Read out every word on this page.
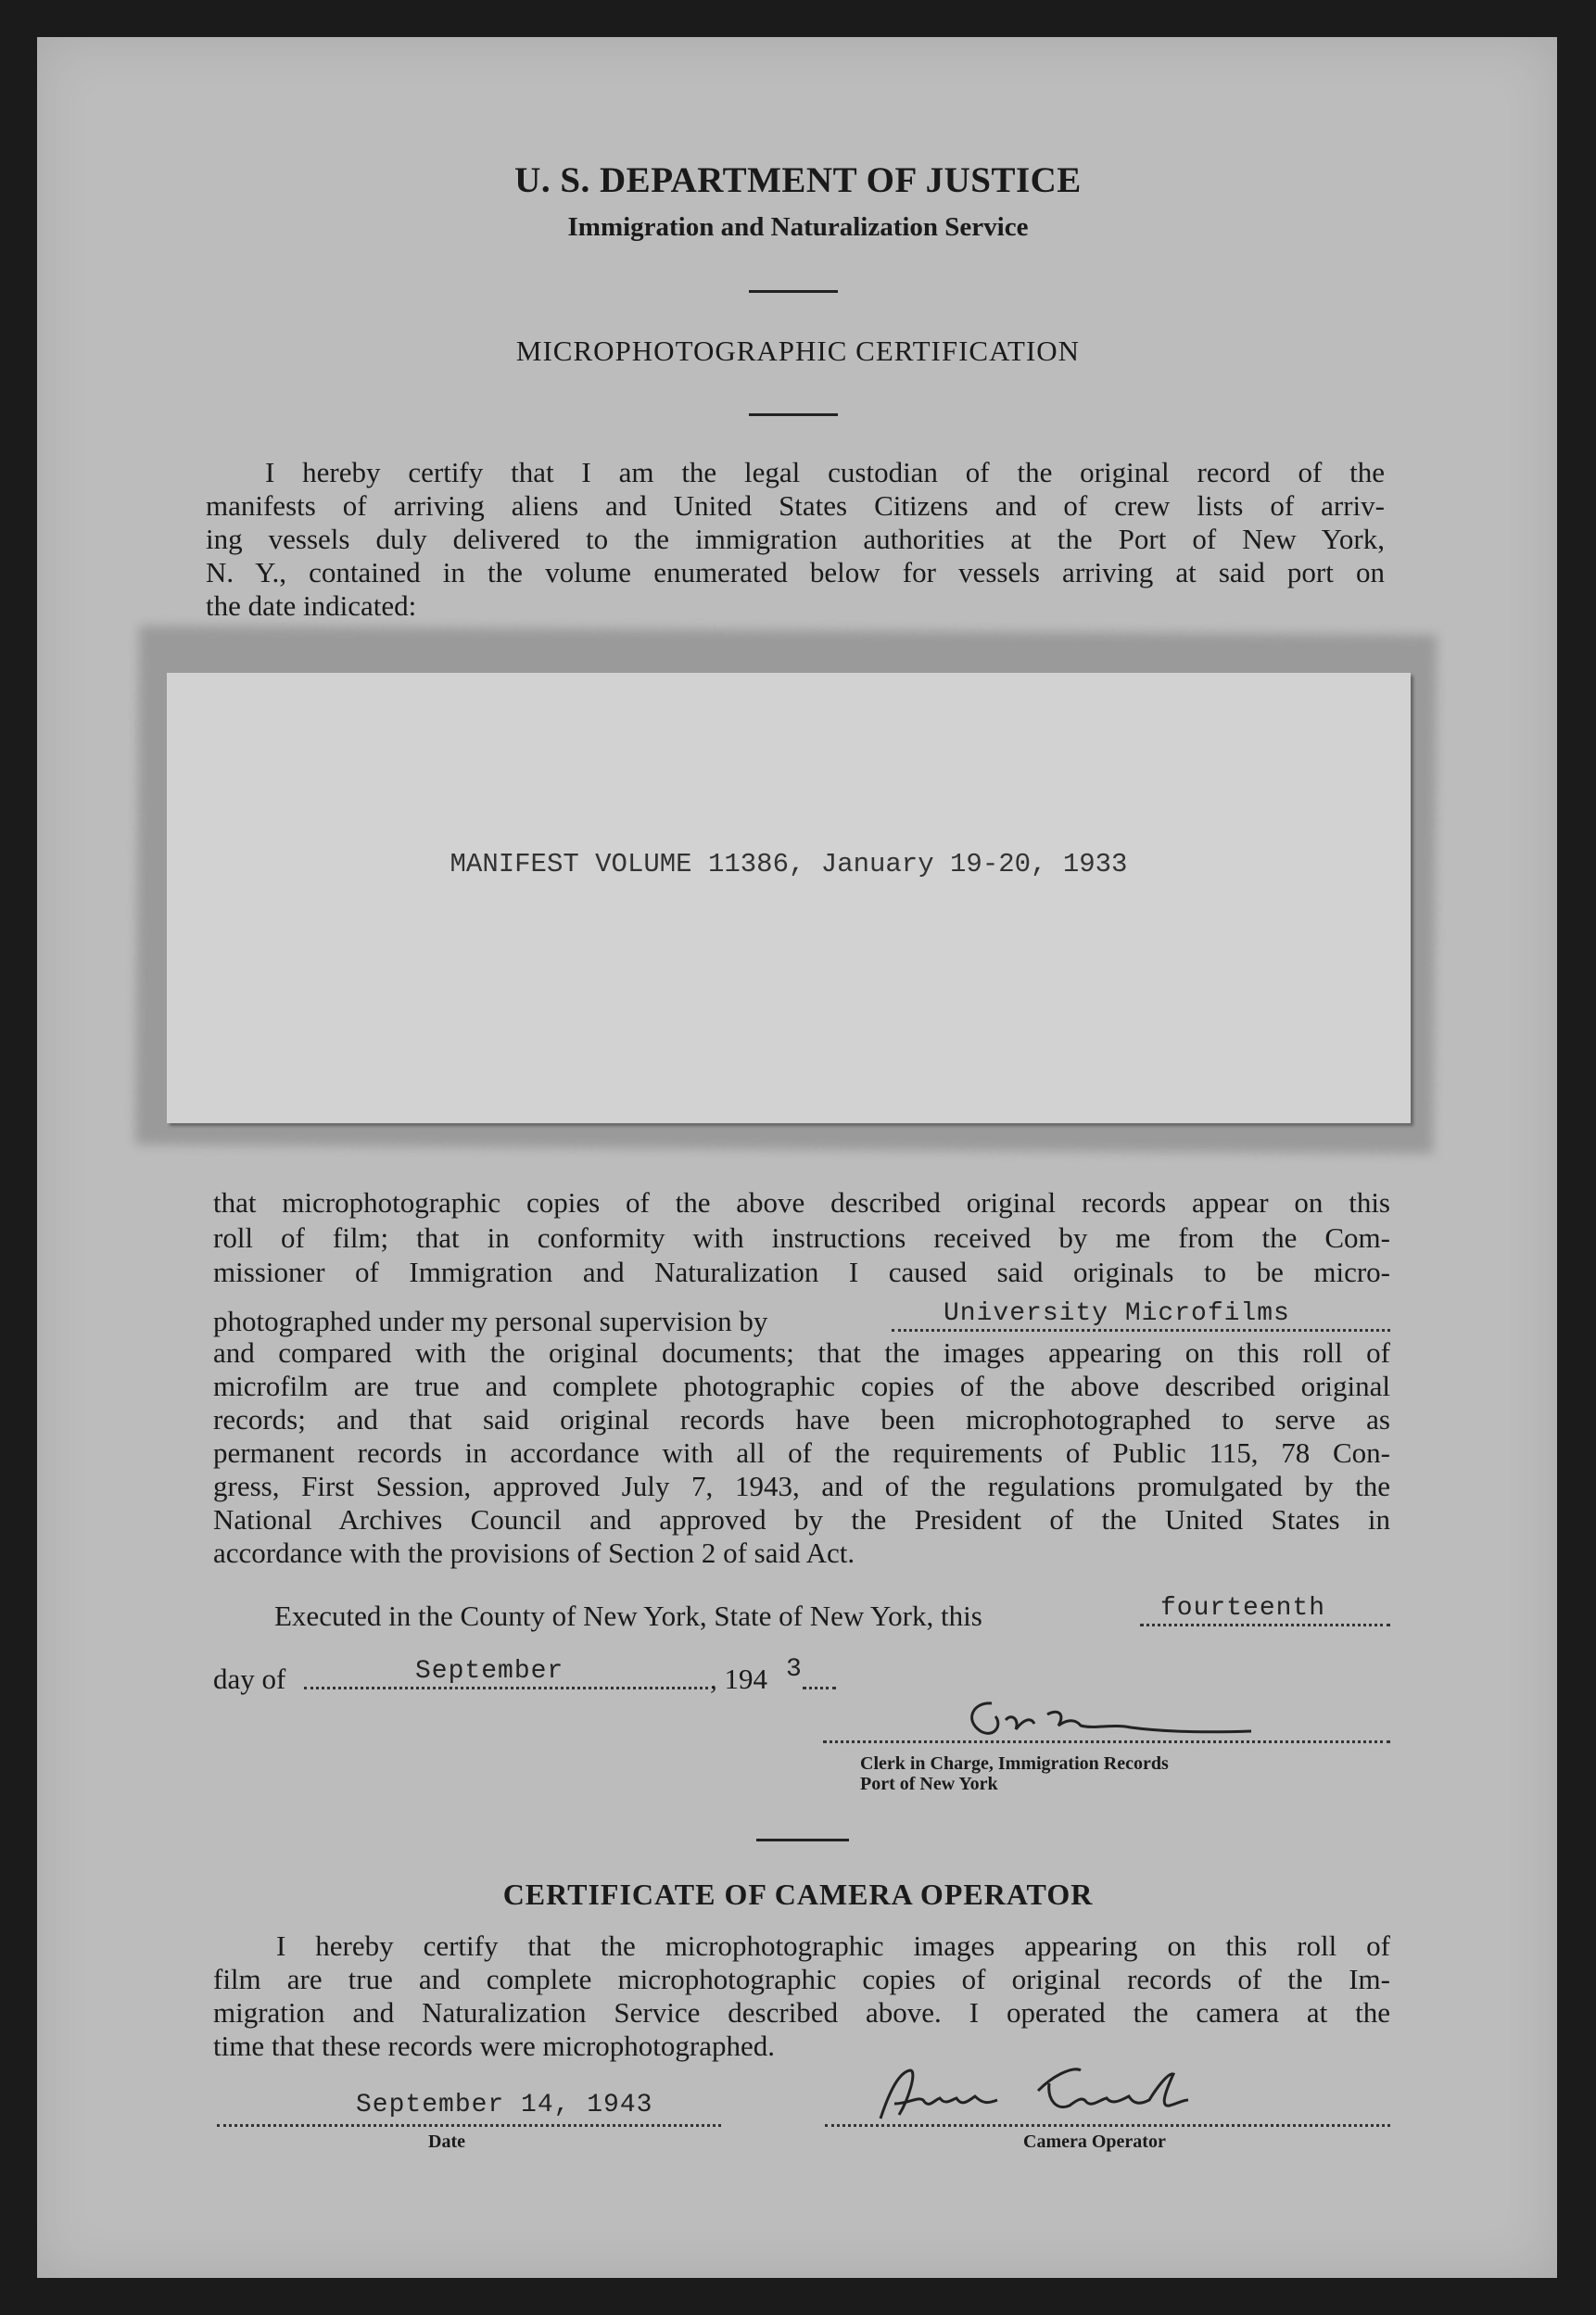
U. S. DEPARTMENT OF JUSTICE
Immigration and Naturalization Service
MICROPHOTOGRAPHIC CERTIFICATION
I hereby certify that I am the legal custodian of the original record of the
manifests of arriving aliens and United States Citizens and of crew lists of arriv-
ing vessels duly delivered to the immigration authorities at the Port of New York,
N. Y., contained in the volume enumerated below for vessels arriving at said port on
the date indicated:
MANIFEST VOLUME 11386, January 19-20, 1933
that microphotographic copies of the above described original records appear on this
roll of film; that in conformity with instructions received by me from the Com-
missioner of Immigration and Naturalization I caused said originals to be micro-
photographed under my personal supervision by	University Microfilms
and compared with the original documents; that the images appearing on this roll of
microfilm are true and complete photographic copies of the above described original
records; and that said original records have been microphotographed to serve as
permanent records in accordance with all of the requirements of Public 115, 78 Con-
gress, First Session, approved July 7, 1943, and of the regulations promulgated by the
National Archives Council and approved by the President of the United States in
accordance with the provisions of Section 2 of said Act.
Executed in the County of New York, State of New York, this	fourteenth
day of	September	, 194 3
Clerk in Charge, Immigration Records
Port of New York
CERTIFICATE OF CAMERA OPERATOR
I hereby certify that the microphotographic images appearing on this roll of
film are true and complete microphotographic copies of original records of the Im-
migration and Naturalization Service described above. I operated the camera at the
time that these records were microphotographed.
September 14, 1943
Date	Camera Operator
